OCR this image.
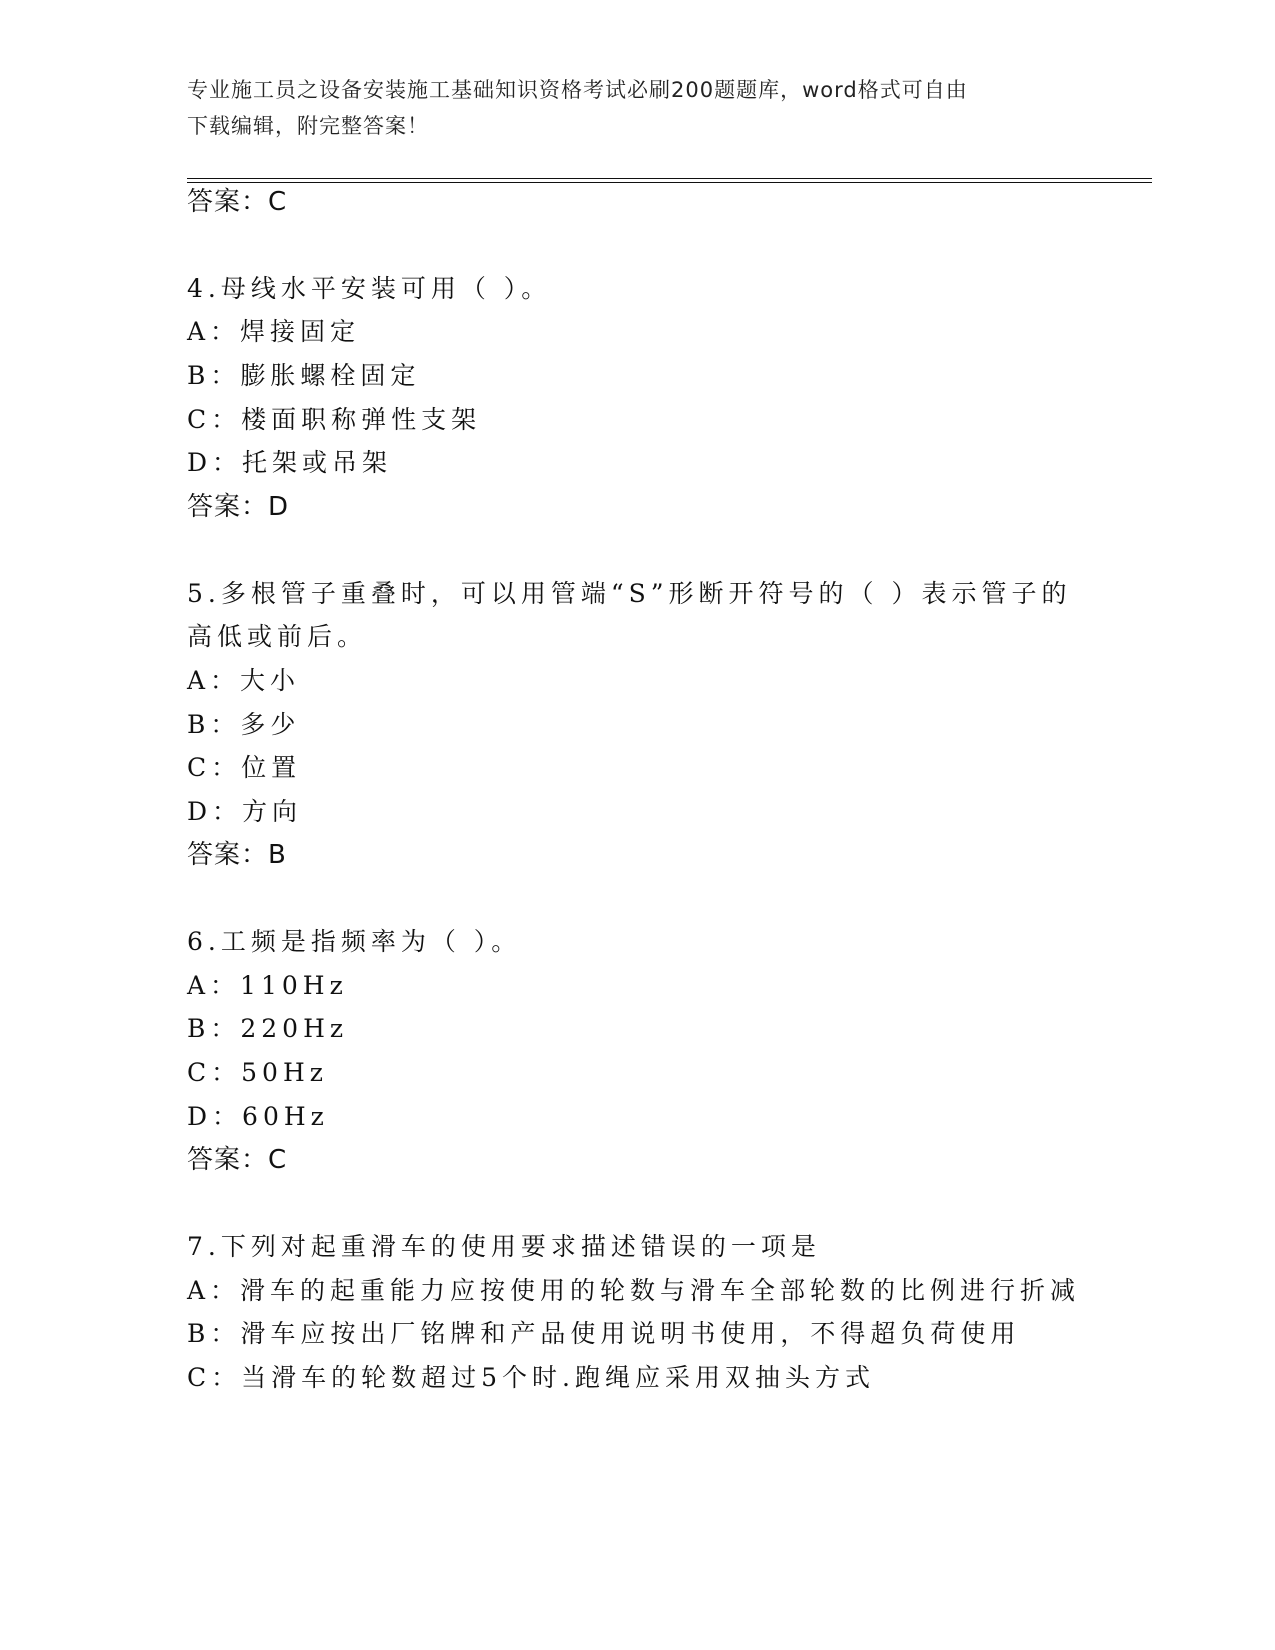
专业施工员之设备安装施工基础知识资格考试必刷200题题库，word格式可自由
下载编辑，附完整答案！
答案：C
4.母线水平安装可用（ ）。
A：焊接固定
B：膨胀螺栓固定
C：楼面职称弹性支架
D：托架或吊架
答案：D
5.多根管子重叠时，可以用管端“S”形断开符号的（ ）表示管子的
高低或前后。
A：大小
B：多少
C：位置
D：方向
答案：B
6.工频是指频率为（ ）。
A：110Hz
B：220Hz
C：50Hz
D：60Hz
答案：C
7.下列对起重滑车的使用要求描述错误的一项是
A：滑车的起重能力应按使用的轮数与滑车全部轮数的比例进行折减
B：滑车应按出厂铭牌和产品使用说明书使用，不得超负荷使用
C：当滑车的轮数超过5个时.跑绳应采用双抽头方式
